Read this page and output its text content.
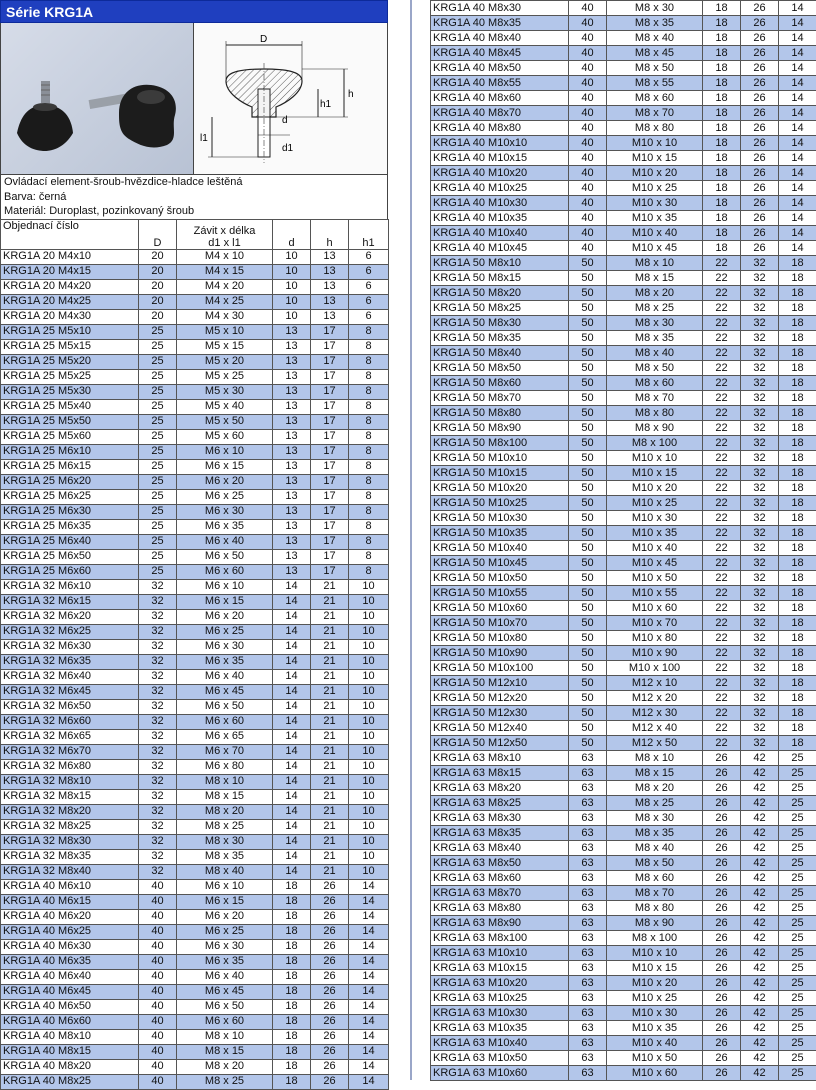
Série KRG1A
D
h
h1
l1
d
d1
Ovládací element-šroub-hvězdice-hladce leštěná
Barva: černá
Materiál: Duroplast, pozinkovaný šroub
Objednací číslo	D	Závit x délka
d1 x l1	d	h	h1
KRG1A 20 M4x10	20	M4 x 10	10	13	6
KRG1A 20 M4x15	20	M4 x 15	10	13	6
KRG1A 20 M4x20	20	M4 x 20	10	13	6
KRG1A 20 M4x25	20	M4 x 25	10	13	6
KRG1A 20 M4x30	20	M4 x 30	10	13	6
KRG1A 25 M5x10	25	M5 x 10	13	17	8
KRG1A 25 M5x15	25	M5 x 15	13	17	8
KRG1A 25 M5x20	25	M5 x 20	13	17	8
KRG1A 25 M5x25	25	M5 x 25	13	17	8
KRG1A 25 M5x30	25	M5 x 30	13	17	8
KRG1A 25 M5x40	25	M5 x 40	13	17	8
KRG1A 25 M5x50	25	M5 x 50	13	17	8
KRG1A 25 M5x60	25	M5 x 60	13	17	8
KRG1A 25 M6x10	25	M6 x 10	13	17	8
KRG1A 25 M6x15	25	M6 x 15	13	17	8
KRG1A 25 M6x20	25	M6 x 20	13	17	8
KRG1A 25 M6x25	25	M6 x 25	13	17	8
KRG1A 25 M6x30	25	M6 x 30	13	17	8
KRG1A 25 M6x35	25	M6 x 35	13	17	8
KRG1A 25 M6x40	25	M6 x 40	13	17	8
KRG1A 25 M6x50	25	M6 x 50	13	17	8
KRG1A 25 M6x60	25	M6 x 60	13	17	8
KRG1A 32 M6x10	32	M6 x 10	14	21	10
KRG1A 32 M6x15	32	M6 x 15	14	21	10
KRG1A 32 M6x20	32	M6 x 20	14	21	10
KRG1A 32 M6x25	32	M6 x 25	14	21	10
KRG1A 32 M6x30	32	M6 x 30	14	21	10
KRG1A 32 M6x35	32	M6 x 35	14	21	10
KRG1A 32 M6x40	32	M6 x 40	14	21	10
KRG1A 32 M6x45	32	M6 x 45	14	21	10
KRG1A 32 M6x50	32	M6 x 50	14	21	10
KRG1A 32 M6x60	32	M6 x 60	14	21	10
KRG1A 32 M6x65	32	M6 x 65	14	21	10
KRG1A 32 M6x70	32	M6 x 70	14	21	10
KRG1A 32 M6x80	32	M6 x 80	14	21	10
KRG1A 32 M8x10	32	M8 x 10	14	21	10
KRG1A 32 M8x15	32	M8 x 15	14	21	10
KRG1A 32 M8x20	32	M8 x 20	14	21	10
KRG1A 32 M8x25	32	M8 x 25	14	21	10
KRG1A 32 M8x30	32	M8 x 30	14	21	10
KRG1A 32 M8x35	32	M8 x 35	14	21	10
KRG1A 32 M8x40	32	M8 x 40	14	21	10
KRG1A 40 M6x10	40	M6 x 10	18	26	14
KRG1A 40 M6x15	40	M6 x 15	18	26	14
KRG1A 40 M6x20	40	M6 x 20	18	26	14
KRG1A 40 M6x25	40	M6 x 25	18	26	14
KRG1A 40 M6x30	40	M6 x 30	18	26	14
KRG1A 40 M6x35	40	M6 x 35	18	26	14
KRG1A 40 M6x40	40	M6 x 40	18	26	14
KRG1A 40 M6x45	40	M6 x 45	18	26	14
KRG1A 40 M6x50	40	M6 x 50	18	26	14
KRG1A 40 M6x60	40	M6 x 60	18	26	14
KRG1A 40 M8x10	40	M8 x 10	18	26	14
KRG1A 40 M8x15	40	M8 x 15	18	26	14
KRG1A 40 M8x20	40	M8 x 20	18	26	14
KRG1A 40 M8x25	40	M8 x 25	18	26	14
KRG1A 40 M8x30	40	M8 x 30	18	26	14
KRG1A 40 M8x35	40	M8 x 35	18	26	14
KRG1A 40 M8x40	40	M8 x 40	18	26	14
KRG1A 40 M8x45	40	M8 x 45	18	26	14
KRG1A 40 M8x50	40	M8 x 50	18	26	14
KRG1A 40 M8x55	40	M8 x 55	18	26	14
KRG1A 40 M8x60	40	M8 x 60	18	26	14
KRG1A 40 M8x70	40	M8 x 70	18	26	14
KRG1A 40 M8x80	40	M8 x 80	18	26	14
KRG1A 40 M10x10	40	M10 x 10	18	26	14
KRG1A 40 M10x15	40	M10 x 15	18	26	14
KRG1A 40 M10x20	40	M10 x 20	18	26	14
KRG1A 40 M10x25	40	M10 x 25	18	26	14
KRG1A 40 M10x30	40	M10 x 30	18	26	14
KRG1A 40 M10x35	40	M10 x 35	18	26	14
KRG1A 40 M10x40	40	M10 x 40	18	26	14
KRG1A 40 M10x45	40	M10 x 45	18	26	14
KRG1A 50 M8x10	50	M8 x 10	22	32	18
KRG1A 50 M8x15	50	M8 x 15	22	32	18
KRG1A 50 M8x20	50	M8 x 20	22	32	18
KRG1A 50 M8x25	50	M8 x 25	22	32	18
KRG1A 50 M8x30	50	M8 x 30	22	32	18
KRG1A 50 M8x35	50	M8 x 35	22	32	18
KRG1A 50 M8x40	50	M8 x 40	22	32	18
KRG1A 50 M8x50	50	M8 x 50	22	32	18
KRG1A 50 M8x60	50	M8 x 60	22	32	18
KRG1A 50 M8x70	50	M8 x 70	22	32	18
KRG1A 50 M8x80	50	M8 x 80	22	32	18
KRG1A 50 M8x90	50	M8 x 90	22	32	18
KRG1A 50 M8x100	50	M8 x 100	22	32	18
KRG1A 50 M10x10	50	M10 x 10	22	32	18
KRG1A 50 M10x15	50	M10 x 15	22	32	18
KRG1A 50 M10x20	50	M10 x 20	22	32	18
KRG1A 50 M10x25	50	M10 x 25	22	32	18
KRG1A 50 M10x30	50	M10 x 30	22	32	18
KRG1A 50 M10x35	50	M10 x 35	22	32	18
KRG1A 50 M10x40	50	M10 x 40	22	32	18
KRG1A 50 M10x45	50	M10 x 45	22	32	18
KRG1A 50 M10x50	50	M10 x 50	22	32	18
KRG1A 50 M10x55	50	M10 x 55	22	32	18
KRG1A 50 M10x60	50	M10 x 60	22	32	18
KRG1A 50 M10x70	50	M10 x 70	22	32	18
KRG1A 50 M10x80	50	M10 x 80	22	32	18
KRG1A 50 M10x90	50	M10 x 90	22	32	18
KRG1A 50 M10x100	50	M10 x 100	22	32	18
KRG1A 50 M12x10	50	M12 x 10	22	32	18
KRG1A 50 M12x20	50	M12 x 20	22	32	18
KRG1A 50 M12x30	50	M12 x 30	22	32	18
KRG1A 50 M12x40	50	M12 x 40	22	32	18
KRG1A 50 M12x50	50	M12 x 50	22	32	18
KRG1A 63 M8x10	63	M8 x 10	26	42	25
KRG1A 63 M8x15	63	M8 x 15	26	42	25
KRG1A 63 M8x20	63	M8 x 20	26	42	25
KRG1A 63 M8x25	63	M8 x 25	26	42	25
KRG1A 63 M8x30	63	M8 x 30	26	42	25
KRG1A 63 M8x35	63	M8 x 35	26	42	25
KRG1A 63 M8x40	63	M8 x 40	26	42	25
KRG1A 63 M8x50	63	M8 x 50	26	42	25
KRG1A 63 M8x60	63	M8 x 60	26	42	25
KRG1A 63 M8x70	63	M8 x 70	26	42	25
KRG1A 63 M8x80	63	M8 x 80	26	42	25
KRG1A 63 M8x90	63	M8 x 90	26	42	25
KRG1A 63 M8x100	63	M8 x 100	26	42	25
KRG1A 63 M10x10	63	M10 x 10	26	42	25
KRG1A 63 M10x15	63	M10 x 15	26	42	25
KRG1A 63 M10x20	63	M10 x 20	26	42	25
KRG1A 63 M10x25	63	M10 x 25	26	42	25
KRG1A 63 M10x30	63	M10 x 30	26	42	25
KRG1A 63 M10x35	63	M10 x 35	26	42	25
KRG1A 63 M10x40	63	M10 x 40	26	42	25
KRG1A 63 M10x50	63	M10 x 50	26	42	25
KRG1A 63 M10x60	63	M10 x 60	26	42	25
